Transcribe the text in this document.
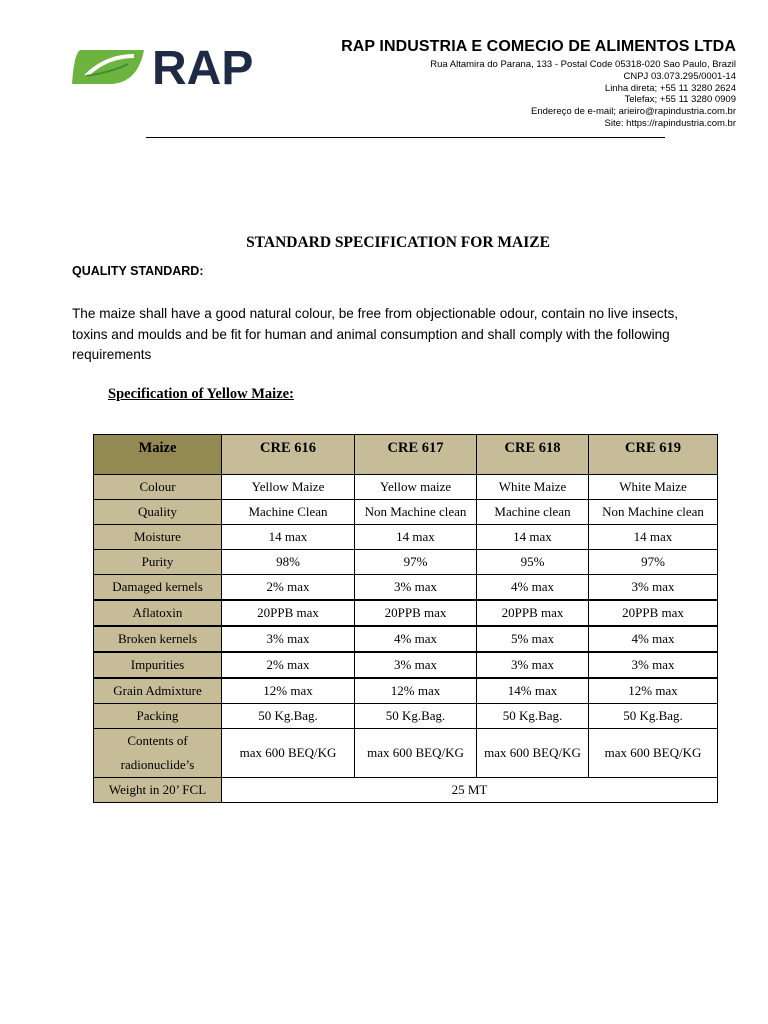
RAP	RAP INDUSTRIA E COMECIO DE ALIMENTOS LTDA
Rua Altamira do Parana, 133 - Postal Code 05318-020 Sao Paulo, Brazil
CNPJ 03.073.295/0001-14
Linha direta; +55 11 3280 2624
Telefax; +55 11 3280 0909
Endereço de e-mail; arieiro@rapindustria.com.br
Site: https://rapindustria.com.br
STANDARD SPECIFICATION FOR MAIZE
QUALITY STANDARD:
The maize shall have a good natural colour, be free from objectionable odour, contain no live insects,
toxins and moulds and be fit for human and animal consumption and shall comply with the following
requirements
Specification of Yellow Maize:
Maize	CRE 616	CRE 617	CRE 618	CRE 619
Colour	Yellow Maize	Yellow maize	White Maize	White Maize
Quality	Machine Clean	Non Machine clean	Machine clean	Non Machine clean
Moisture	14 max	14 max	14 max	14 max
Purity	98%	97%	95%	97%
Damaged kernels	2% max	3% max	4% max	3% max
Aflatoxin	20PPB max	20PPB max	20PPB max	20PPB max
Broken kernels	3% max	4% max	5% max	4% max
Impurities	2% max	3% max	3% max	3% max
Grain Admixture	12% max	12% max	14% max	12% max
Packing	50 Kg.Bag.	50 Kg.Bag.	50 Kg.Bag.	50 Kg.Bag.
Contents of radionuclide’s	max 600 BEQ/KG	max 600 BEQ/KG	max 600 BEQ/KG	max 600 BEQ/KG
Weight in 20’ FCL	25 MT			
